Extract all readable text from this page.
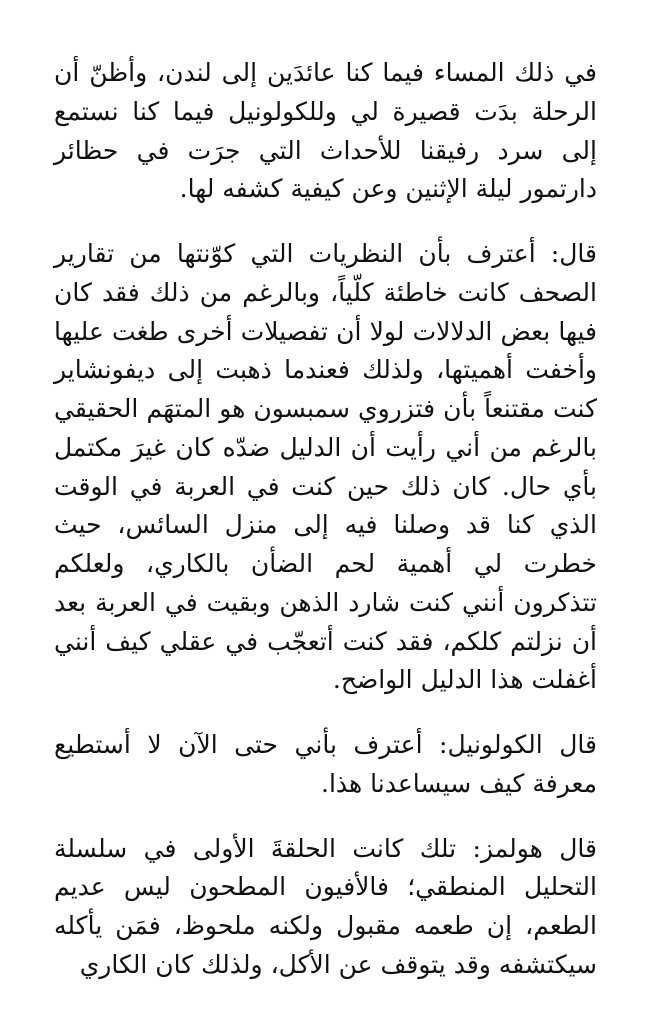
في ذلك المساء فيما كنا عائدَين إلى لندن، وأظنّ أن الرحلة بدَت قصيرة لي وللكولونيل فيما كنا نستمع إلى سرد رفيقنا للأحداث التي جرَت في حظائر دارتمور ليلة الإثنين وعن كيفية كشفه لها.

قال: أعترف بأن النظريات التي كوّنتها من تقارير الصحف كانت خاطئة كلّياً، وبالرغم من ذلك فقد كان فيها بعض الدلالات لولا أن تفصيلات أخرى طغت عليها وأخفت أهميتها، ولذلك فعندما ذهبت إلى ديفونشاير كنت مقتنعاً بأن فتزروي سمبسون هو المتهَم الحقيقي بالرغم من أني رأيت أن الدليل ضدّه كان غيرَ مكتمل بأي حال. كان ذلك حين كنت في العربة في الوقت الذي كنا قد وصلنا فيه إلى منزل السائس، حيث خطرت لي أهمية لحم الضأن بالكاري، ولعلكم تتذكرون أنني كنت شارد الذهن وبقيت في العربة بعد أن نزلتم كلكم، فقد كنت أتعجّب في عقلي كيف أنني أغفلت هذا الدليل الواضح.

قال الكولونيل: أعترف بأني حتى الآن لا أستطيع معرفة كيف سيساعدنا هذا.

قال هولمز: تلك كانت الحلقةَ الأولى في سلسلة التحليل المنطقي؛ فالأفيون المطحون ليس عديم الطعم، إن طعمه مقبول ولكنه ملحوظ، فمَن يأكله سيكتشفه وقد يتوقف عن الأكل، ولذلك كان الكاري
